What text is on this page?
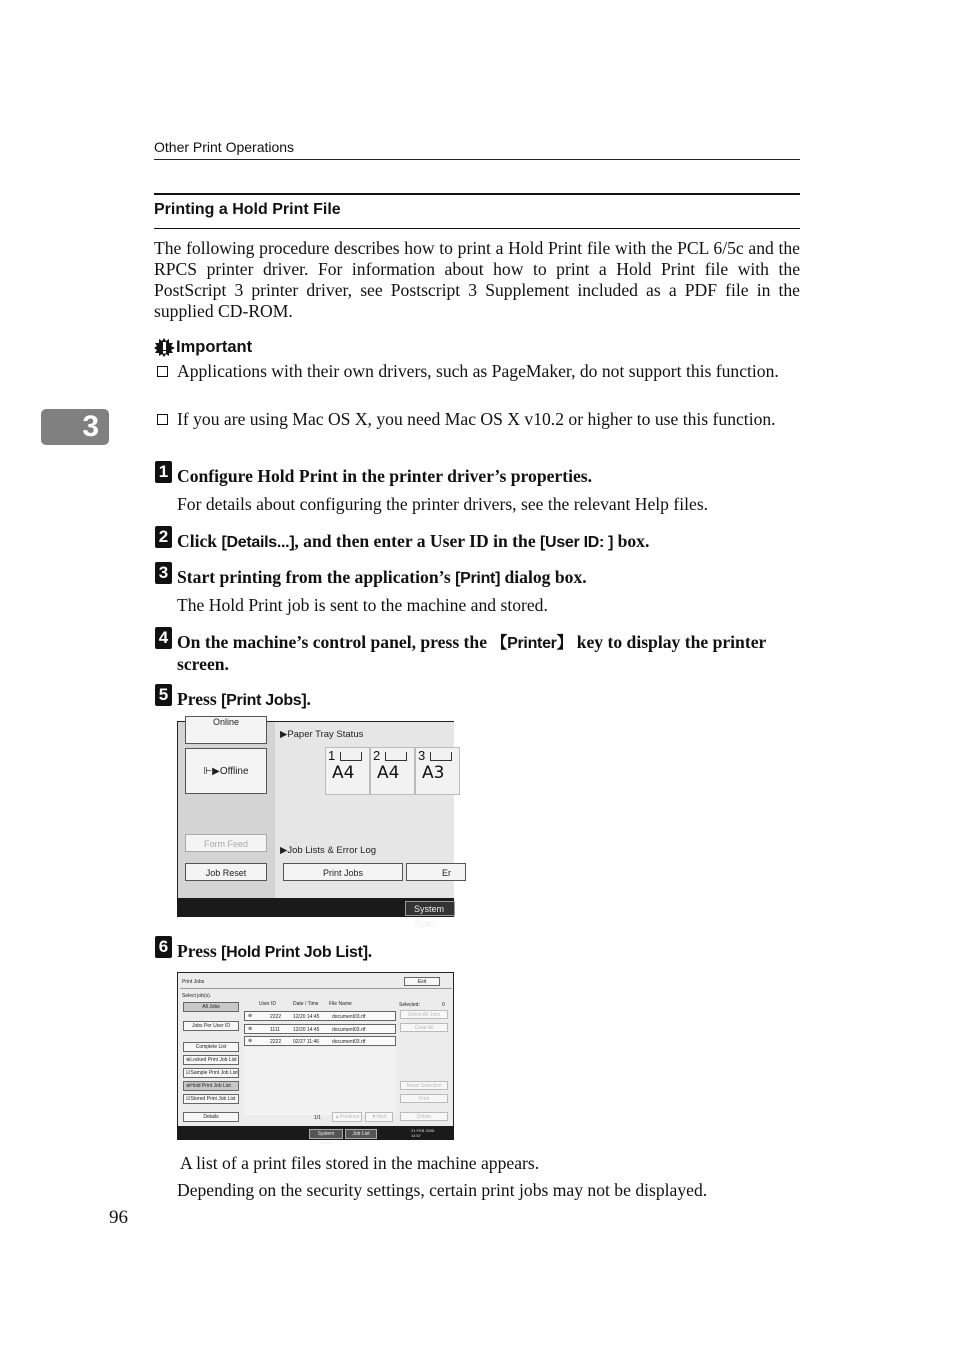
Other Print Operations
Printing a Hold Print File
The following procedure describes how to print a Hold Print file with the PCL 6/5c and the RPCS printer driver. For information about how to print a Hold Print file with the PostScript 3 printer driver, see Postscript 3 Supplement included as a PDF file in the supplied CD-ROM.
Important
Applications with their own drivers, such as PageMaker, do not support this function.
If you are using Mac OS X, you need Mac OS X v10.2 or higher to use this function.
3
1 Configure Hold Print in the printer driver’s properties.
For details about configuring the printer drivers, see the relevant Help files.
2 Click [Details...], and then enter a User ID in the [User ID: ] box.
3 Start printing from the application’s [Print] dialog box.
The Hold Print job is sent to the machine and stored.
4 On the machine’s control panel, press the 【Printer】 key to display the printer screen.
5 Press [Print Jobs].
Online
⊩▶Offline
Form Feed
Job Reset
▶Paper Tray Status
1
A4
2
A4
3
A3
▶Job Lists & Error Log
Print Jobs	Er
System Statu
6 Press [Hold Print Job List].
Print Jobs	Exit
Select job(s).
All Jobs
Jobs Per User ID
Complete List
⊕Locked Print Job List
☑Sample Print Job List
⊛Hold Print Job List
☑Stored Print Job List
Details
User ID	Date / Time File Name	Selected:	0
⊛	2222 12/20 14:45	document03.rtf
⊛	1111	12/20 14:45	document03.rtf
⊛	2222 02/27 11:46	document03.rtf
1/1	▲Previous	▼Next
Select All Jobs
Clear All
Reset Selection
Print
Delete
System Status
Job List
21 FEB 2006 14:57
A list of a print files stored in the machine appears.
Depending on the security settings, certain print jobs may not be displayed.
96
